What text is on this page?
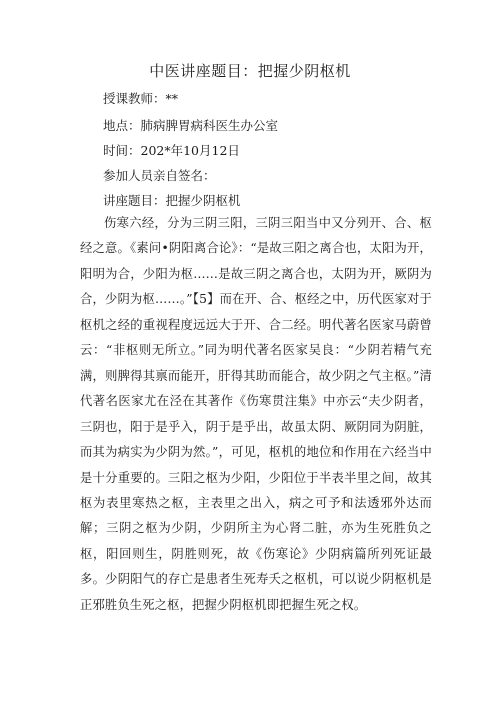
中医讲座题目：把握少阴枢机
授课教师：**
地点：肺病脾胃病科医生办公室
时间：202*年10月12日
参加人员亲自签名：
讲座题目：把握少阴枢机

伤寒六经，分为三阴三阳，三阴三阳当中又分列开、合、枢经之意。《素问•阴阳离合论》：“是故三阳之离合也，太阳为开，阳明为合，少阳为枢……是故三阴之离合也，太阴为开，厥阴为合，少阴为枢……。”【5】而在开、合、枢经之中，历代医家对于枢机之经的重视程度远远大于开、合二经。明代著名医家马蔚曾云：“非枢则无所立。”同为明代著名医家吴良：“少阴若精气充满，则脾得其禀而能开，肝得其助而能合，故少阴之气主枢。”清代著名医家尤在泾在其著作《伤寒贯注集》中亦云“夫少阴者，三阴也，阳于是乎入，阴于是乎出，故虽太阴、厥阴同为阴脏，而其为病实为少阴为然。”，可见，枢机的地位和作用在六经当中是十分重要的。三阳之枢为少阳，少阳位于半表半里之间，故其枢为表里寒热之枢，主表里之出入，病之可予和法透邪外达而解；三阴之枢为少阴，少阴所主为心肾二脏，亦为生死胜负之枢，阳回则生，阴胜则死，故《伤寒论》少阴病篇所列死证最多。少阴阳气的存亡是患者生死寿夭之枢机，可以说少阴枢机是正邪胜负生死之枢，把握少阴枢机即把握生死之权。
